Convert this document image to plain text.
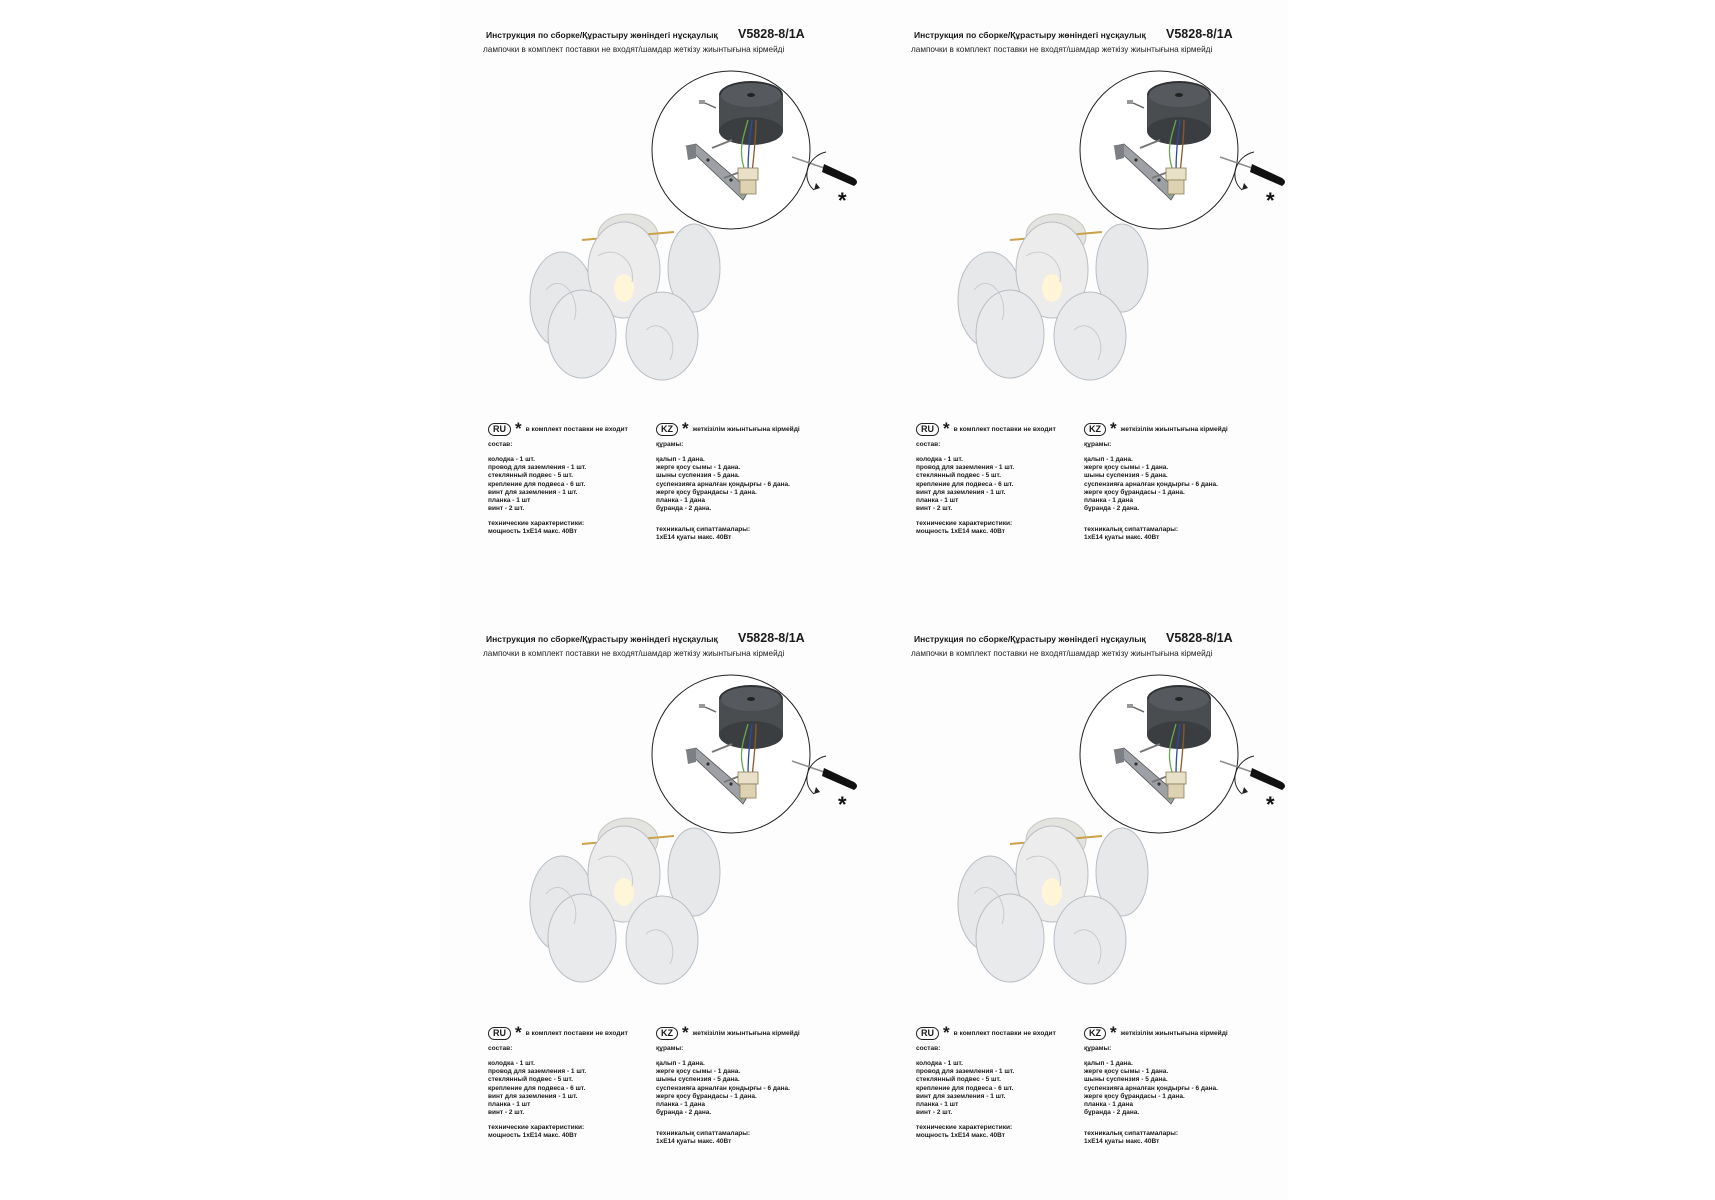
Инструкция по сборке/Құрастыру жөніндегі нұсқаулық	V5828-8/1A
лампочки в комплект поставки не входят/шамдар жеткізу жиынтығына кірмейді
*
RU * в комплект поставки не входит
состав:
колодка - 1 шт.
провод для заземления - 1 шт.
стеклянный подвес - 5 шт.
крепление для подвеса - 6 шт.
винт для заземления - 1 шт.
планка - 1 шт
винт - 2 шт.
технические характеристики:
мощность 1хЕ14 макс. 40Вт
KZ * жеткізілім жиынтығына кірмейді
құрамы:
қалып - 1 дана.
жерге қосу сымы - 1 дана.
шыны суспензия - 5 дана.
суспензияға арналған қондырғы - 6 дана.
жерге қосу бұрандасы - 1 дана.
планка - 1 дана
бұранда - 2 дана.
техникалық сипаттамалары:
1хЕ14 қуаты макс. 40Вт
Инструкция по сборке/Құрастыру жөніндегі нұсқаулық	V5828-8/1A
лампочки в комплект поставки не входят/шамдар жеткізу жиынтығына кірмейді
*
RU * в комплект поставки не входит
состав:
колодка - 1 шт.
провод для заземления - 1 шт.
стеклянный подвес - 5 шт.
крепление для подвеса - 6 шт.
винт для заземления - 1 шт.
планка - 1 шт
винт - 2 шт.
технические характеристики:
мощность 1хЕ14 макс. 40Вт
KZ * жеткізілім жиынтығына кірмейді
құрамы:
қалып - 1 дана.
жерге қосу сымы - 1 дана.
шыны суспензия - 5 дана.
суспензияға арналған қондырғы - 6 дана.
жерге қосу бұрандасы - 1 дана.
планка - 1 дана
бұранда - 2 дана.
техникалық сипаттамалары:
1хЕ14 қуаты макс. 40Вт
Инструкция по сборке/Құрастыру жөніндегі нұсқаулық	V5828-8/1A
лампочки в комплект поставки не входят/шамдар жеткізу жиынтығына кірмейді
*
RU * в комплект поставки не входит
состав:
колодка - 1 шт.
провод для заземления - 1 шт.
стеклянный подвес - 5 шт.
крепление для подвеса - 6 шт.
винт для заземления - 1 шт.
планка - 1 шт
винт - 2 шт.
технические характеристики:
мощность 1хЕ14 макс. 40Вт
KZ * жеткізілім жиынтығына кірмейді
құрамы:
қалып - 1 дана.
жерге қосу сымы - 1 дана.
шыны суспензия - 5 дана.
суспензияға арналған қондырғы - 6 дана.
жерге қосу бұрандасы - 1 дана.
планка - 1 дана
бұранда - 2 дана.
техникалық сипаттамалары:
1хЕ14 қуаты макс. 40Вт
Инструкция по сборке/Құрастыру жөніндегі нұсқаулық	V5828-8/1A
лампочки в комплект поставки не входят/шамдар жеткізу жиынтығына кірмейді
*
RU * в комплект поставки не входит
состав:
колодка - 1 шт.
провод для заземления - 1 шт.
стеклянный подвес - 5 шт.
крепление для подвеса - 6 шт.
винт для заземления - 1 шт.
планка - 1 шт
винт - 2 шт.
технические характеристики:
мощность 1хЕ14 макс. 40Вт
KZ * жеткізілім жиынтығына кірмейді
құрамы:
қалып - 1 дана.
жерге қосу сымы - 1 дана.
шыны суспензия - 5 дана.
суспензияға арналған қондырғы - 6 дана.
жерге қосу бұрандасы - 1 дана.
планка - 1 дана
бұранда - 2 дана.
техникалық сипаттамалары:
1хЕ14 қуаты макс. 40Вт
